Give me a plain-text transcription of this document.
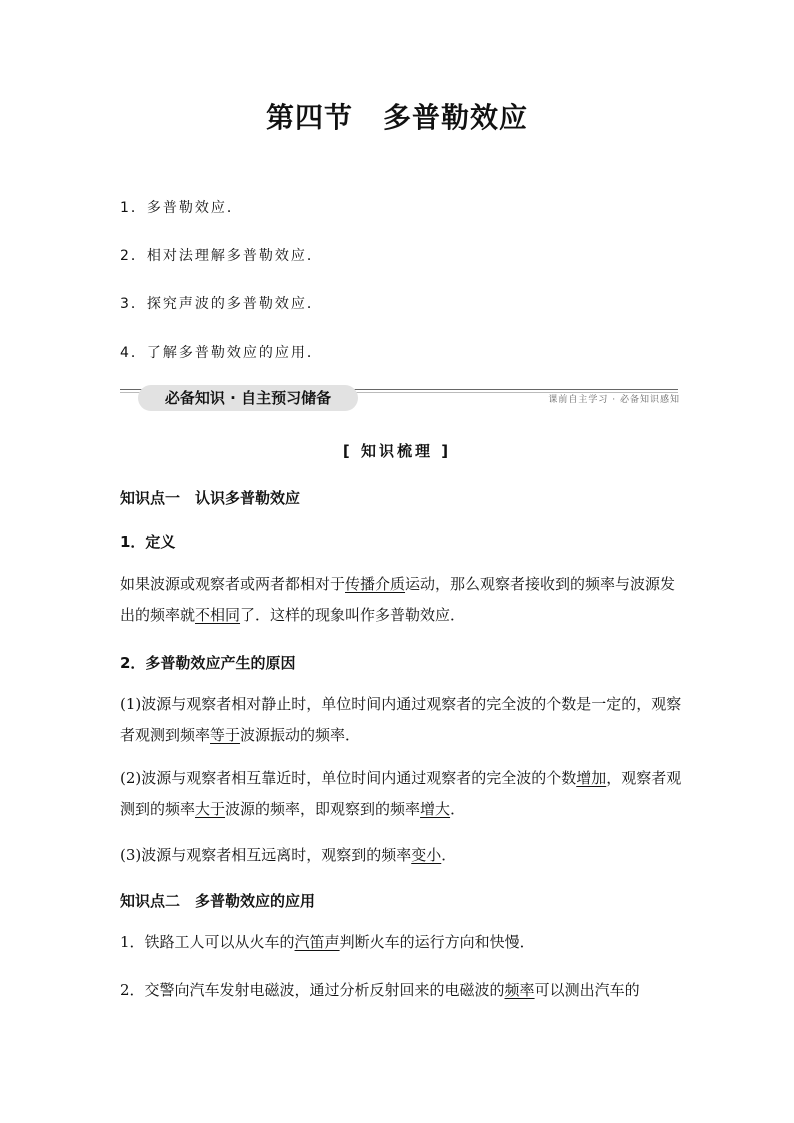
第四节 多普勒效应
1．多普勒效应．
2．相对法理解多普勒效应．
3．探究声波的多普勒效应．
4．了解多普勒效应的应用．
必备知识 · 自主预习储备	课前自主学习 · 必备知识感知
[ 知识梳理 ]
知识点一　认识多普勒效应
1．定义
如果波源或观察者或两者都相对于传播介质运动，那么观察者接收到的频率与波源发出的频率就不相同了．这样的现象叫作多普勒效应．
2．多普勒效应产生的原因
(1)波源与观察者相对静止时，单位时间内通过观察者的完全波的个数是一定的，观察者观测到频率等于波源振动的频率．
(2)波源与观察者相互靠近时，单位时间内通过观察者的完全波的个数增加，观察者观测到的频率大于波源的频率，即观察到的频率增大．
(3)波源与观察者相互远离时，观察到的频率变小．
知识点二　多普勒效应的应用
1．铁路工人可以从火车的汽笛声判断火车的运行方向和快慢．
2．交警向汽车发射电磁波，通过分析反射回来的电磁波的频率可以测出汽车的
